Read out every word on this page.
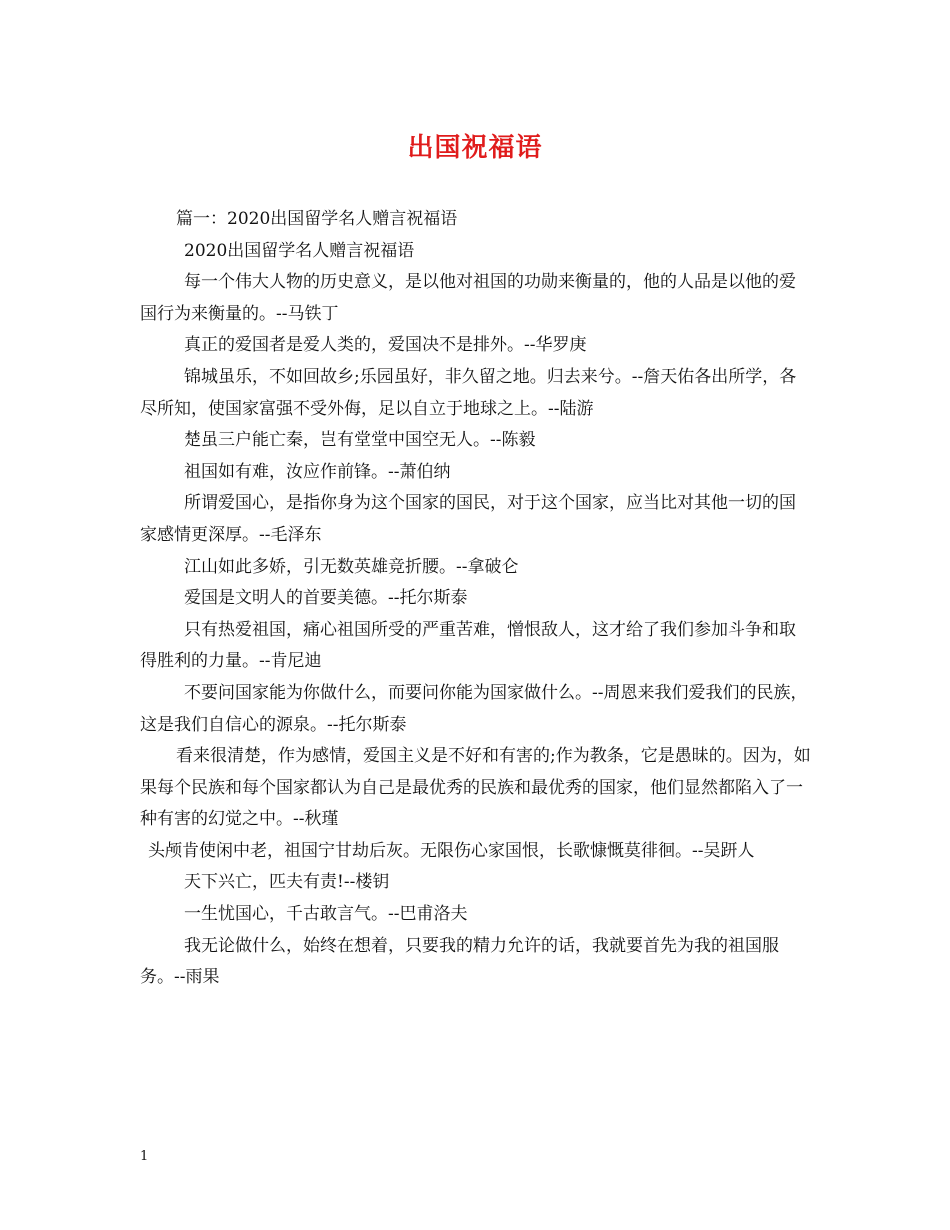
出国祝福语

篇一：2020出国留学名人赠言祝福语

2020出国留学名人赠言祝福语

每一个伟大人物的历史意义，是以他对祖国的功勋来衡量的，他的人品是以他的爱国行为来衡量的。--马铁丁

真正的爱国者是爱人类的，爱国决不是排外。--华罗庚

锦城虽乐，不如回故乡;乐园虽好，非久留之地。归去来兮。--詹天佑各出所学，各尽所知，使国家富强不受外侮，足以自立于地球之上。--陆游

楚虽三户能亡秦，岂有堂堂中国空无人。--陈毅

祖国如有难，汝应作前锋。--萧伯纳

所谓爱国心，是指你身为这个国家的国民，对于这个国家，应当比对其他一切的国家感情更深厚。--毛泽东

江山如此多娇，引无数英雄竞折腰。--拿破仑

爱国是文明人的首要美德。--托尔斯泰

只有热爱祖国，痛心祖国所受的严重苦难，憎恨敌人，这才给了我们参加斗争和取得胜利的力量。--肯尼迪

不要问国家能为你做什么，而要问你能为国家做什么。--周恩来我们爱我们的民族，这是我们自信心的源泉。--托尔斯泰

看来很清楚，作为感情，爱国主义是不好和有害的;作为教条，它是愚昧的。因为，如果每个民族和每个国家都认为自己是最优秀的民族和最优秀的国家，他们显然都陷入了一种有害的幻觉之中。--秋瑾

头颅肯使闲中老，祖国宁甘劫后灰。无限伤心家国恨，长歌慷慨莫徘徊。--吴趼人

天下兴亡，匹夫有责!--楼钥

一生忧国心，千古敢言气。--巴甫洛夫

我无论做什么，始终在想着，只要我的精力允许的话，我就要首先为我的祖国服务。--雨果

1
